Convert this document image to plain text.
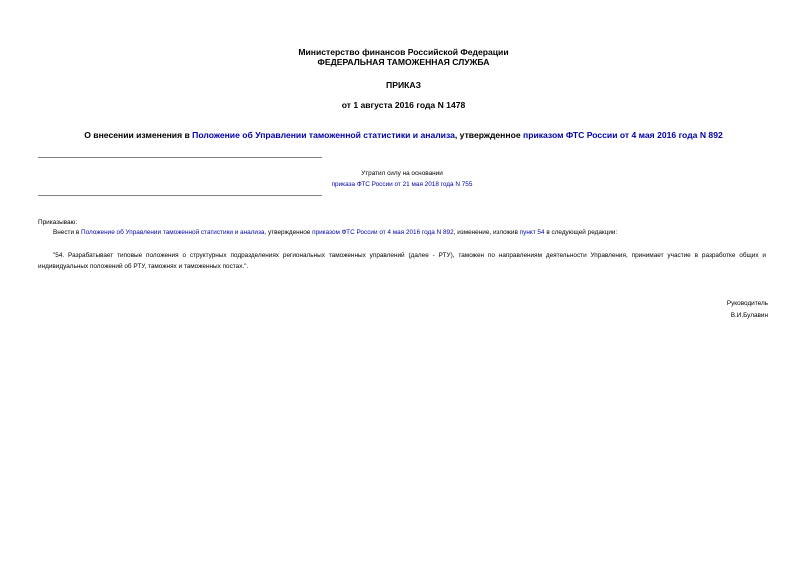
Министерство финансов Российской Федерации
ФЕДЕРАЛЬНАЯ ТАМОЖЕННАЯ СЛУЖБА
ПРИКАЗ
от 1 августа 2016 года N 1478
О внесении изменения в Положение об Управлении таможенной статистики и анализа, утвержденное приказом ФТС России от 4 мая 2016 года N 892
Утратил силу на основании
приказа ФТС России от 21 мая 2018 года N 755
Приказываю:
Внести в Положение об Управлении таможенной статистики и анализа, утвержденное приказом ФТС России от 4 мая 2016 года N 892, изменение, изложив пункт 54 в следующей редакции:
"54. Разрабатывает типовые положения о структурных подразделениях региональных таможенных управлений (далее - РТУ), таможен по направлениям деятельности Управления, принимает участие в разработке общих и индивидуальных положений об РТУ, таможнях и таможенных постах.".
Руководитель
В.И.Булавин
